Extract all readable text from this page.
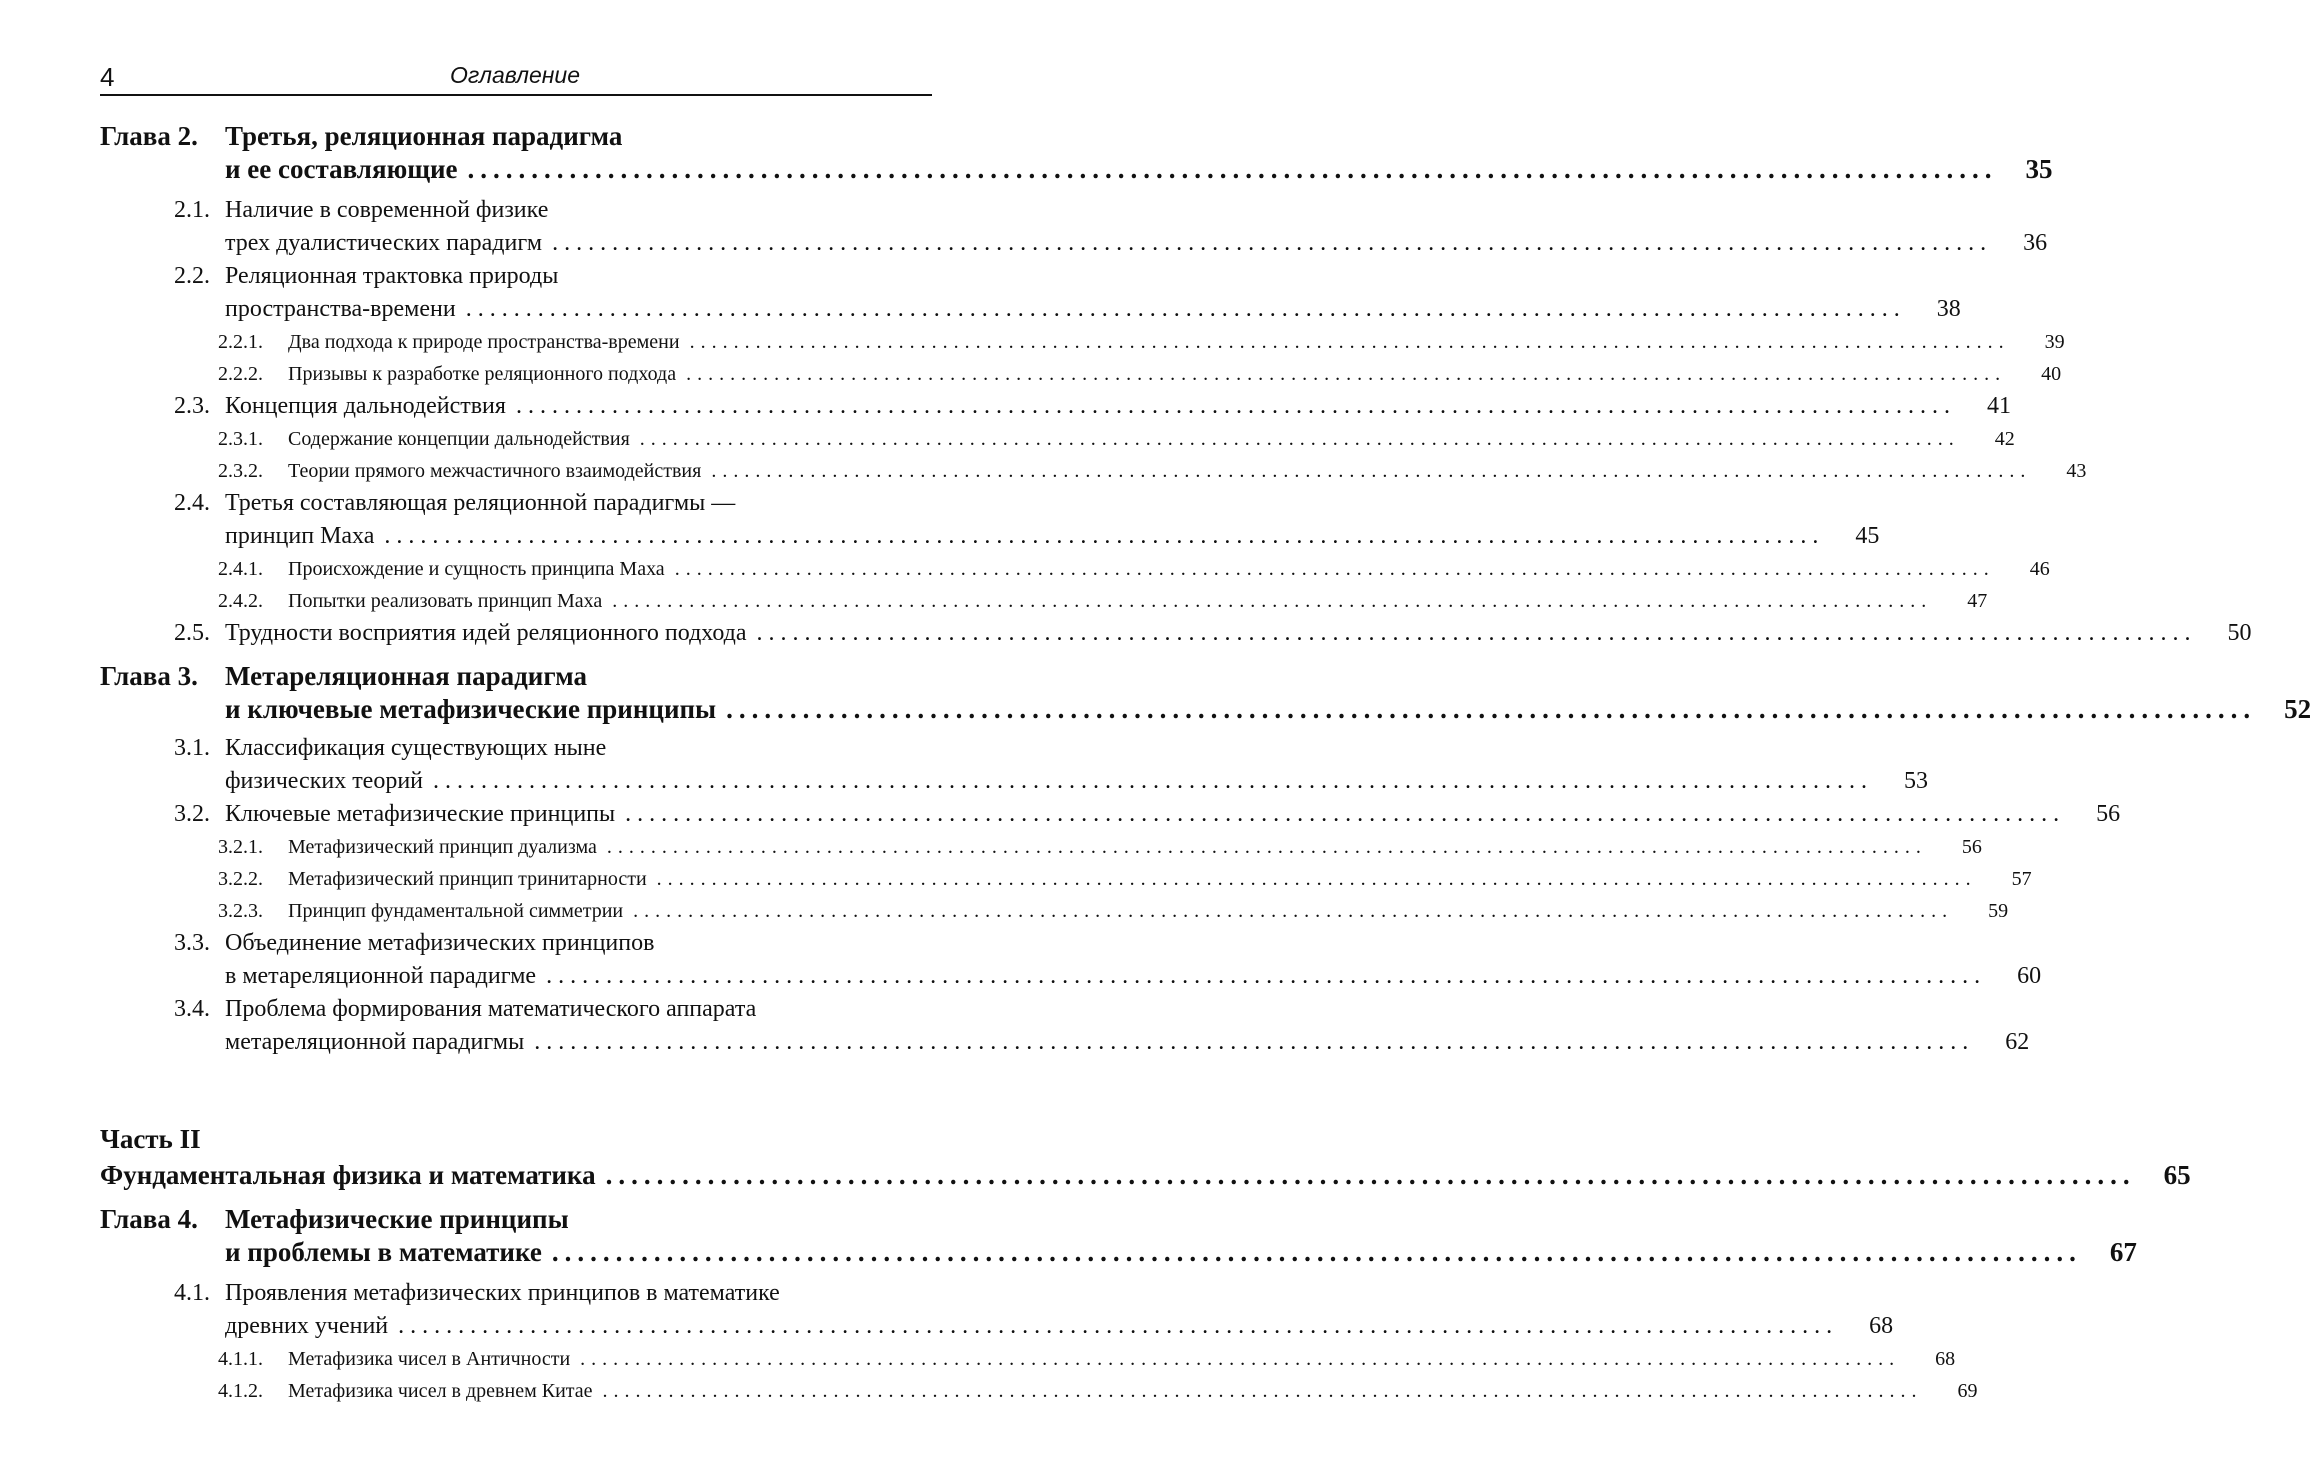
4	Оглавление
Глава 2.	Третья, реляционная парадигма
и ее составляющие ........................................................................................................................	35
2.1. Наличие в современной физике
трех дуалистических парадигм ........................................................................................................................	36
2.2. Реляционная трактовка природы
пространства-времени ........................................................................................................................	38
2.2.1.	Два подхода к природе пространства-времени ........................................................................................................................	39
2.2.2.	Призывы к разработке реляционного подхода ........................................................................................................................	40
2.3. Концепция дальнодействия ........................................................................................................................	41
2.3.1.	Содержание концепции дальнодействия ........................................................................................................................	42
2.3.2.	Теории прямого межчастичного взаимодействия ........................................................................................................................	43
2.4. Третья составляющая реляционной парадигмы —
принцип Маха ........................................................................................................................	45
2.4.1.	Происхождение и сущность принципа Маха ........................................................................................................................	46
2.4.2.	Попытки реализовать принцип Маха ........................................................................................................................	47
2.5. Трудности восприятия идей реляционного подхода ........................................................................................................................	50
Глава 3.	Метареляционная парадигма
и ключевые метафизические принципы ........................................................................................................................	52
3.1. Классификация существующих ныне
физических теорий ........................................................................................................................	53
3.2. Ключевые метафизические принципы ........................................................................................................................	56
3.2.1.	Метафизический принцип дуализма ........................................................................................................................	56
3.2.2.	Метафизический принцип тринитарности ........................................................................................................................	57
3.2.3.	Принцип фундаментальной симметрии ........................................................................................................................	59
3.3. Объединение метафизических принципов
в метареляционной парадигме ........................................................................................................................	60
3.4. Проблема формирования математического аппарата
метареляционной парадигмы ........................................................................................................................	62
Часть II
Фундаментальная физика и математика ........................................................................................................................	65
Глава 4.	Метафизические принципы
и проблемы в математике ........................................................................................................................	67
4.1. Проявления метафизических принципов в математике
древних учений ........................................................................................................................	68
4.1.1.	Метафизика чисел в Античности ........................................................................................................................	68
4.1.2.	Метафизика чисел в древнем Китае ........................................................................................................................	69
